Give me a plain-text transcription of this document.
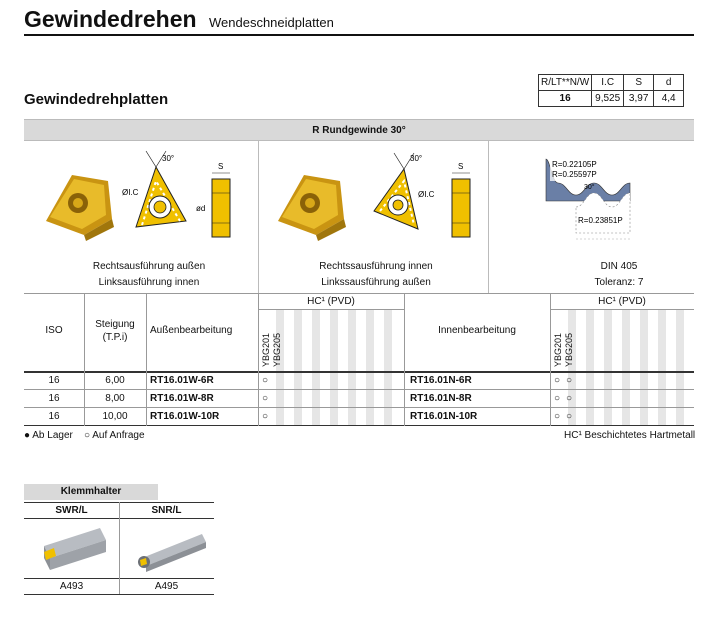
Gewindedrehen Wendeschneidplatten
Gewindedrehplatten
R/LT**N/W	I.C	S	d
16	9,525	3,97	4,4
R Rundgewinde 30°
30°
ØI.C
S
ød
Rechtsausführung außen
Linksausführung innen
30°
ØI.C
S
Rechtssausführung innen
Linkssausführung außen
R=0.22105P
R=0.25597P
30°
R=0.23851P
DIN 405
Toleranz: 7
ISO
Steigung
(T.P.i)
Außenbearbeitung	Innenbearbeitung
HC¹ (PVD)	HC¹ (PVD)
YBG201 YBG205	YBG201 YBG205
16	6,00	RT16.01W-6R	○	RT16.01N-6R	○ ○
16	8,00	RT16.01W-8R	○	RT16.01N-8R	○ ○
16	10,00	RT16.01W-10R	○	RT16.01N-10R	○ ○
● Ab Lager ○ Auf Anfrage	HC¹ Beschichtetes Hartmetall
Klemmhalter
SWR/L	SNR/L
A493	A495
